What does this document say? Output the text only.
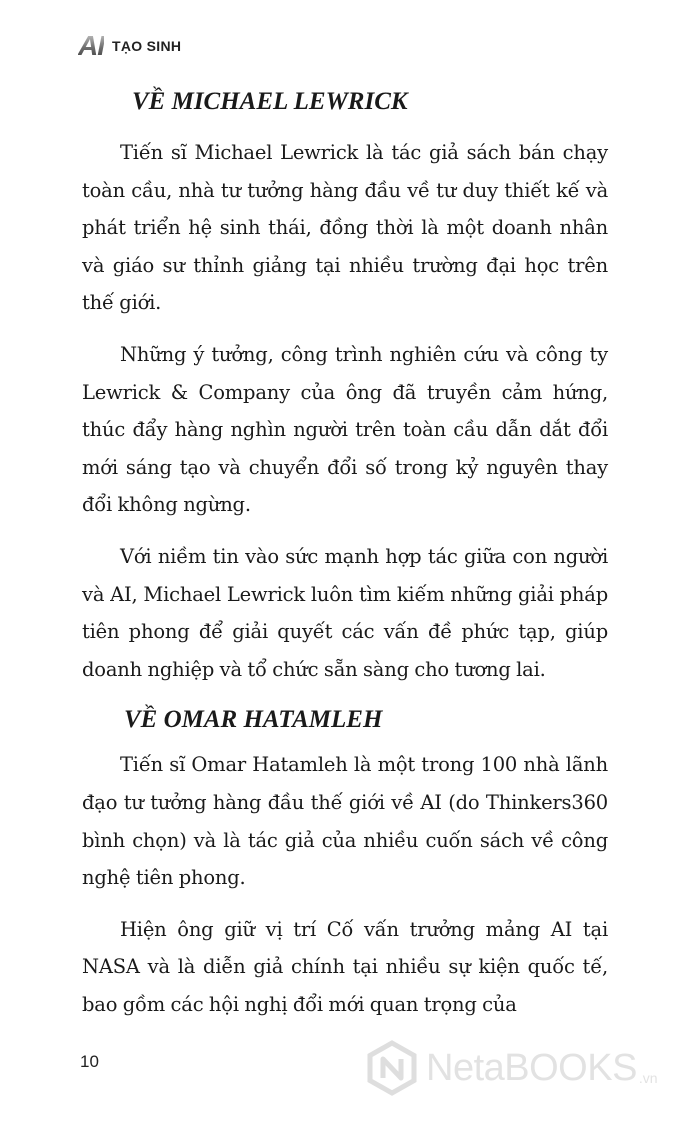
AI TẠO SINH
VỀ MICHAEL LEWRICK

Tiến sĩ Michael Lewrick là tác giả sách bán chạy toàn cầu, nhà tư tưởng hàng đầu về tư duy thiết kế và phát triển hệ sinh thái, đồng thời là một doanh nhân và giáo sư thỉnh giảng tại nhiều trường đại học trên thế giới.

Những ý tưởng, công trình nghiên cứu và công ty Lewrick & Company của ông đã truyền cảm hứng, thúc đẩy hàng nghìn người trên toàn cầu dẫn dắt đổi mới sáng tạo và chuyển đổi số trong kỷ nguyên thay đổi không ngừng.

Với niềm tin vào sức mạnh hợp tác giữa con người và AI, Michael Lewrick luôn tìm kiếm những giải pháp tiên phong để giải quyết các vấn đề phức tạp, giúp doanh nghiệp và tổ chức sẵn sàng cho tương lai.

VỀ OMAR HATAMLEH

Tiến sĩ Omar Hatamleh là một trong 100 nhà lãnh đạo tư tưởng hàng đầu thế giới về AI (do Thinkers360 bình chọn) và là tác giả của nhiều cuốn sách về công nghệ tiên phong.

Hiện ông giữ vị trí Cố vấn trưởng mảng AI tại NASA và là diễn giả chính tại nhiều sự kiện quốc tế, bao gồm các hội nghị đổi mới quan trọng của

10	NetaBOOKS .vn
